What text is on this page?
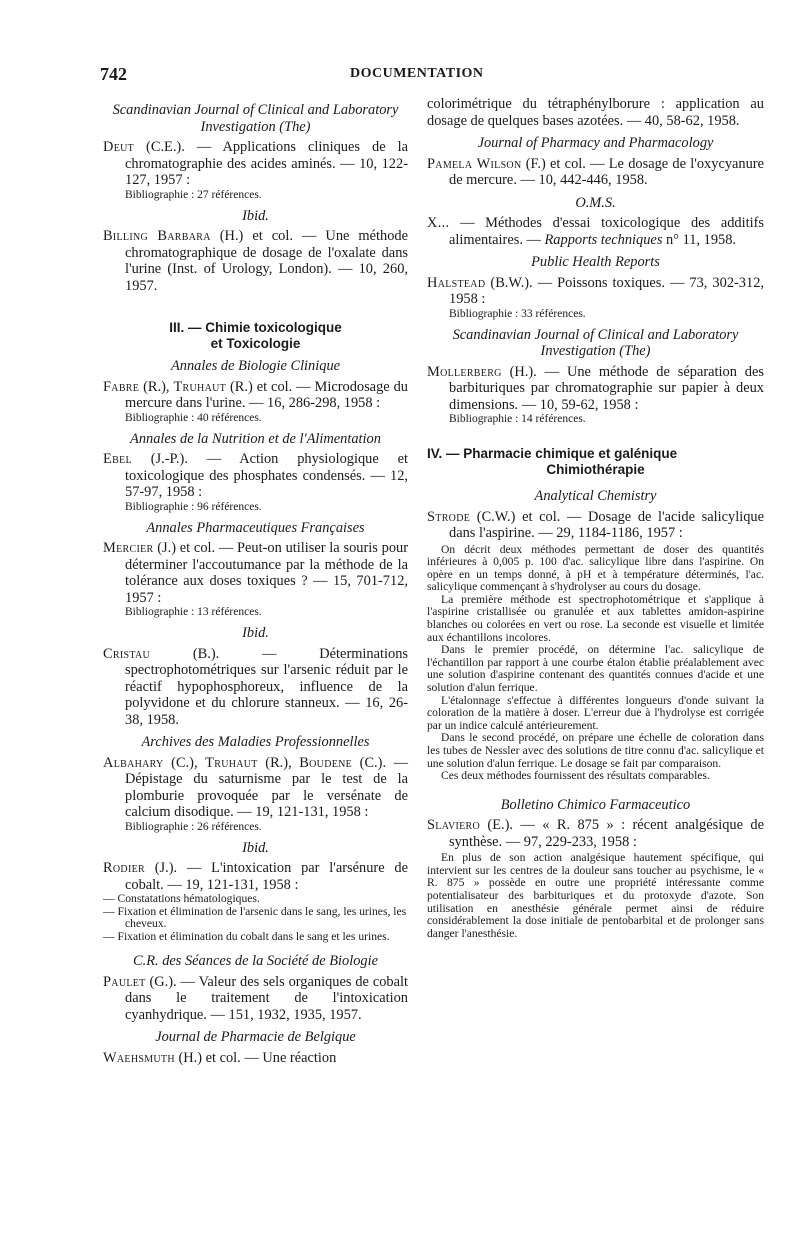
742	DOCUMENTATION
Scandinavian Journal of Clinical and Laboratory Investigation (The)
Deut (C.E.). — Applications cliniques de la chromatographie des acides aminés. — 10, 122-127, 1957 :
Bibliographie : 27 références.
Ibid.
Billing Barbara (H.) et col. — Une méthode chromatographique de dosage de l'oxalate dans l'urine (Inst. of Urology, London). — 10, 260, 1957.
III. — Chimie toxicologique
et Toxicologie
Annales de Biologie Clinique
Fabre (R.), Truhaut (R.) et col. — Microdosage du mercure dans l'urine. — 16, 286-298, 1958 :
Bibliographie : 40 références.
Annales de la Nutrition et de l'Alimentation
Ebel (J.-P.). — Action physiologique et toxicologique des phosphates condensés. — 12, 57-97, 1958 :
Bibliographie : 96 références.
Annales Pharmaceutiques Françaises
Mercier (J.) et col. — Peut-on utiliser la souris pour déterminer l'accoutumance par la méthode de la tolérance aux doses toxiques ? — 15, 701-712, 1957 :
Bibliographie : 13 références.
Ibid.
Cristau (B.). — Déterminations spectrophotométriques sur l'arsenic réduit par le réactif hypophosphoreux, influence de la polyvidone et du chlorure stanneux. — 16, 26-38, 1958.
Archives des Maladies Professionnelles
Albahary (C.), Truhaut (R.), Boudene (C.). — Dépistage du saturnisme par le test de la plomburie provoquée par le versénate de calcium disodique. — 19, 121-131, 1958 :
Bibliographie : 26 références.
Ibid.
Rodier (J.). — L'intoxication par l'arsénure de cobalt. — 19, 121-131, 1958 :
— Constatations hématologiques.
— Fixation et élimination de l'arsenic dans le sang, les urines, les cheveux.
— Fixation et élimination du cobalt dans le sang et les urines.
C.R. des Séances de la Société de Biologie
Paulet (G.). — Valeur des sels organiques de cobalt dans le traitement de l'intoxication cyanhydrique. — 151, 1932, 1935, 1957.
Journal de Pharmacie de Belgique
Waehsmuth (H.) et col. — Une réaction
colorimétrique du tétraphénylborure : application au dosage de quelques bases azotées. — 40, 58-62, 1958.
Journal of Pharmacy and Pharmacology
Pamela Wilson (F.) et col. — Le dosage de l'oxycyanure de mercure. — 10, 442-446, 1958.
O.M.S.
X... — Méthodes d'essai toxicologique des additifs alimentaires. — Rapports techniques n° 11, 1958.
Public Health Reports
Halstead (B.W.). — Poissons toxiques. — 73, 302-312, 1958 :
Bibliographie : 33 références.
Scandinavian Journal of Clinical and Laboratory Investigation (The)
Mollerberg (H.). — Une méthode de séparation des barbituriques par chromatographie sur papier à deux dimensions. — 10, 59-62, 1958 :
Bibliographie : 14 références.
IV. — Pharmacie chimique et galénique
Chimiothérapie
Analytical Chemistry
Strode (C.W.) et col. — Dosage de l'acide salicylique dans l'aspirine. — 29, 1184-1186, 1957 :

On décrit deux méthodes permettant de doser des quantités inférieures à 0,005 p. 100 d'ac. salicylique libre dans l'aspirine. On opère en un temps donné, à pH et à température déterminés, l'ac. salicylique commençant à s'hydrolyser au cours du dosage.

La première méthode est spectrophotométrique et s'applique à l'aspirine cristallisée ou granulée et aux tablettes amidon-aspirine blanches ou colorées en vert ou rose. La seconde est visuelle et limitée aux échantillons incolores.

Dans le premier procédé, on détermine l'ac. salicylique de l'échantillon par rapport à une courbe étalon établie préalablement avec une solution d'aspirine contenant des quantités connues d'acide et une solution d'alun ferrique.

L'étalonnage s'effectue à différentes longueurs d'onde suivant la coloration de la matière à doser. L'erreur due à l'hydrolyse est corrigée par un indice calculé antérieurement.

Dans le second procédé, on prépare une échelle de coloration dans les tubes de Nessler avec des solutions de titre connu d'ac. salicylique et une solution d'alun ferrique. Le dosage se fait par comparaison.

Ces deux méthodes fournissent des résultats comparables.

Bolletino Chimico Farmaceutico
Slaviero (E.). — « R. 875 » : récent analgésique de synthèse. — 97, 229-233, 1958 :

En plus de son action analgésique hautement spécifique, qui intervient sur les centres de la douleur sans toucher au psychisme, le « R. 875 » possède en outre une propriété intéressante comme potentialisateur des barbituriques et du protoxyde d'azote. Son utilisation en anesthésie générale permet ainsi de réduire considérablement la dose initiale de pentobarbital et de prolonger sans danger l'anesthésie.
